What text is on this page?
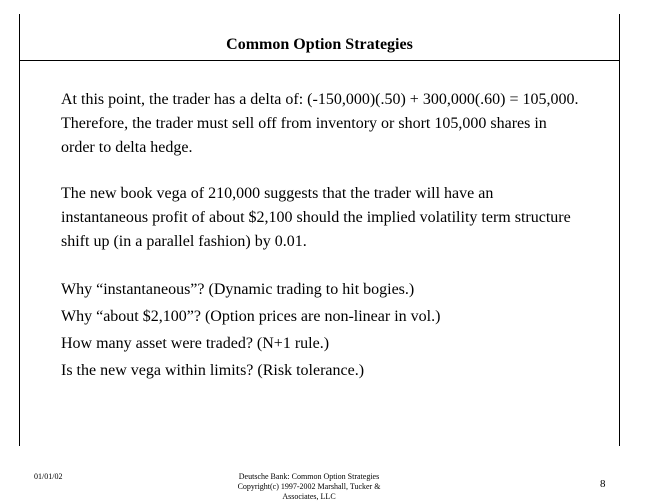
Common Option Strategies

At this point, the trader has a delta of: (-150,000)(.50) + 300,000(.60) = 105,000. Therefore, the trader must sell off from inventory or short 105,000 shares in order to delta hedge.

The new book vega of 210,000 suggests that the trader will have an instantaneous profit of about $2,100 should the implied volatility term structure shift up (in a parallel fashion) by 0.01.

Why “instantaneous”? (Dynamic trading to hit bogies.)

Why “about $2,100”? (Option prices are non-linear in vol.)

How many asset were traded? (N+1 rule.)

Is the new vega within limits? (Risk tolerance.)

01/01/02	Deutsche Bank: Common Option Strategies
Copyright(c) 1997-2002 Marshall, Tucker &
Associates, LLC
8
